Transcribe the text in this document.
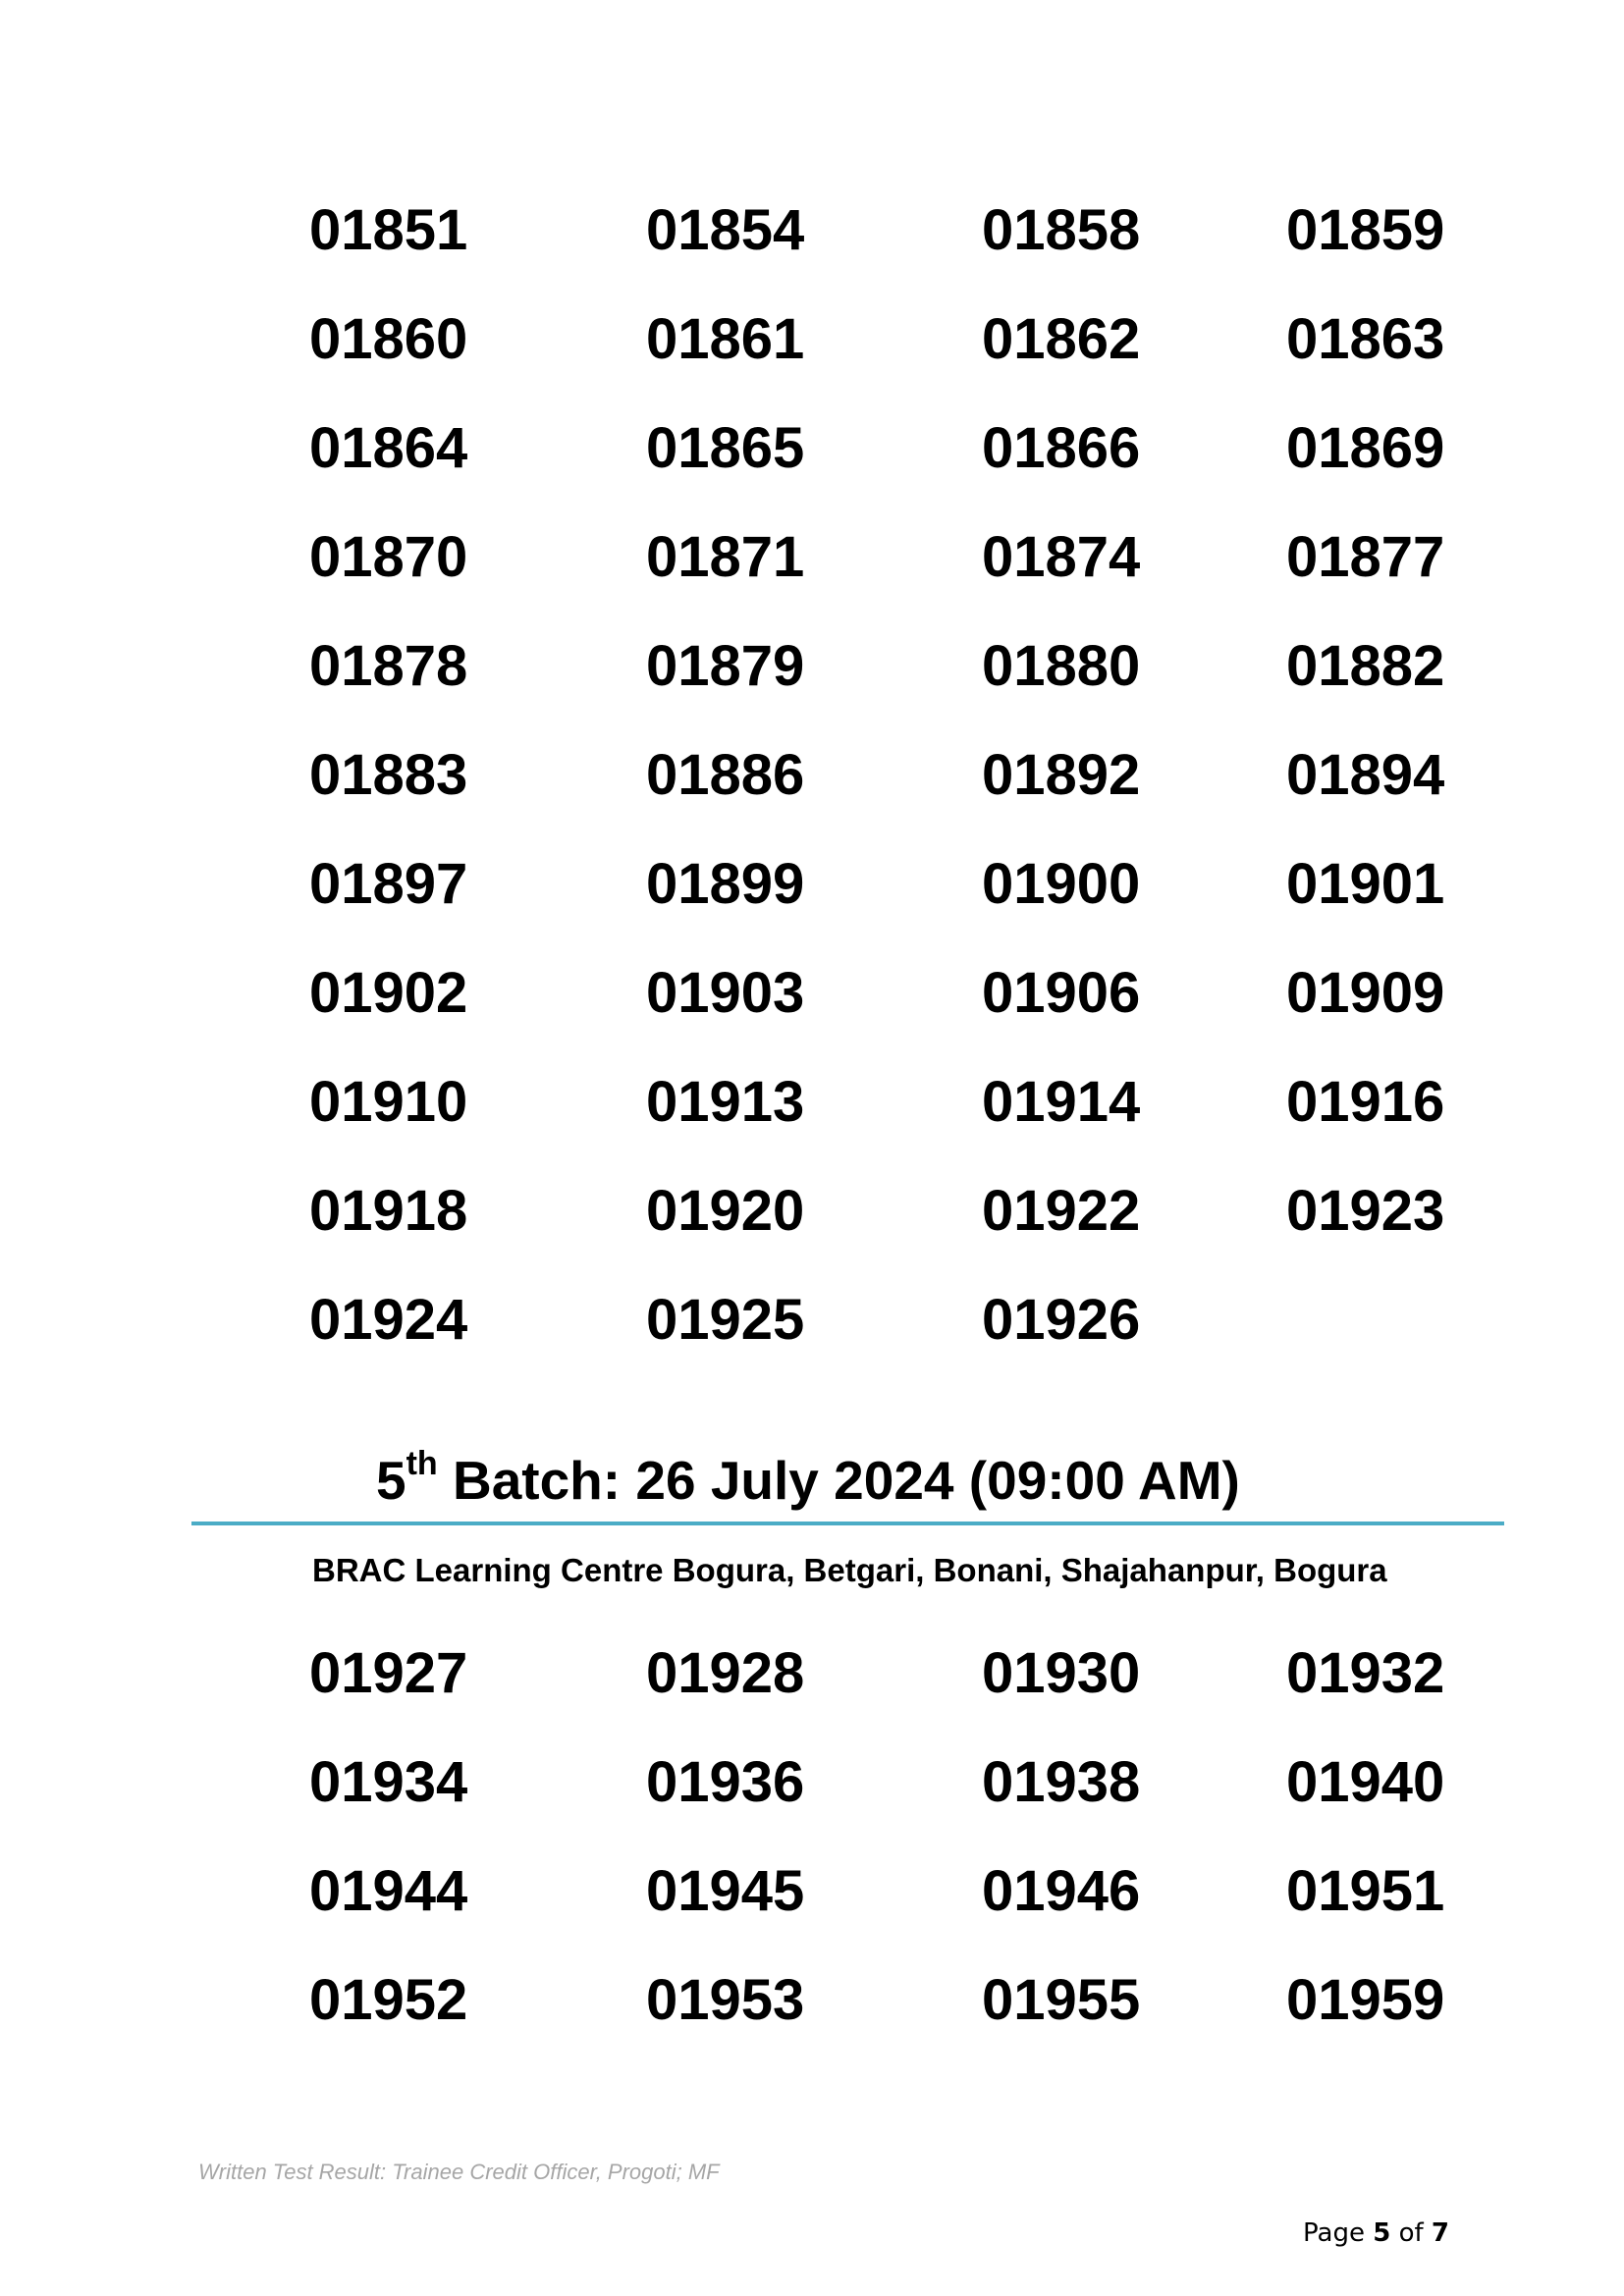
01851	01854	01858	01859
01860	01861	01862	01863
01864	01865	01866	01869
01870	01871	01874	01877
01878	01879	01880	01882
01883	01886	01892	01894
01897	01899	01900	01901
01902	01903	01906	01909
01910	01913	01914	01916
01918	01920	01922	01923
01924	01925	01926
5th Batch: 26 July 2024 (09:00 AM)
BRAC Learning Centre Bogura, Betgari, Bonani, Shajahanpur, Bogura
01927	01928	01930	01932
01934	01936	01938	01940
01944	01945	01946	01951
01952	01953	01955	01959
Written Test Result: Trainee Credit Officer, Progoti; MF
Page 5 of 7
